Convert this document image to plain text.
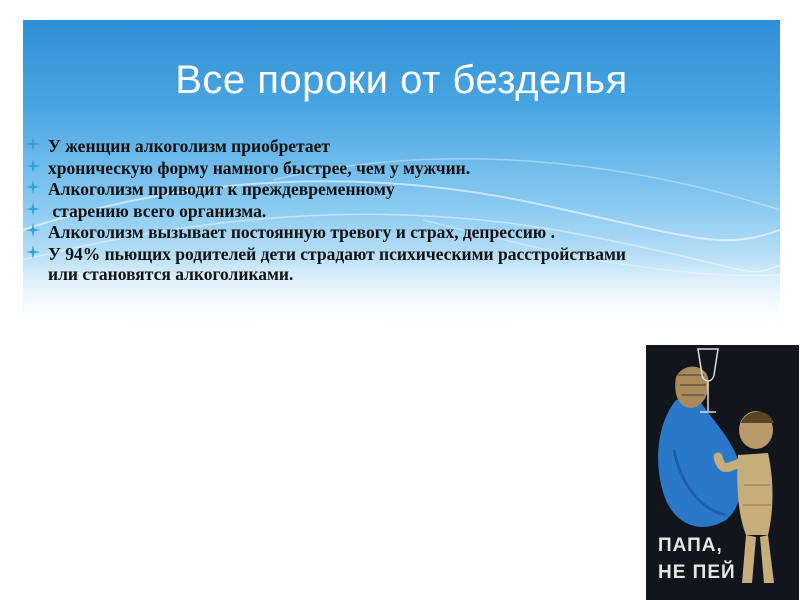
Все пороки от безделья
У женщин алкоголизм приобретает
хроническую форму намного быстрее, чем у мужчин.
Алкоголизм приводит к преждевременному
старению всего организма.
Алкоголизм вызывает постоянную тревогу и страх, депрессию .
У 94% пьющих родителей дети страдают психическими расстройствами или становятся алкоголиками.
ПАПА,
НЕ ПЕЙ
